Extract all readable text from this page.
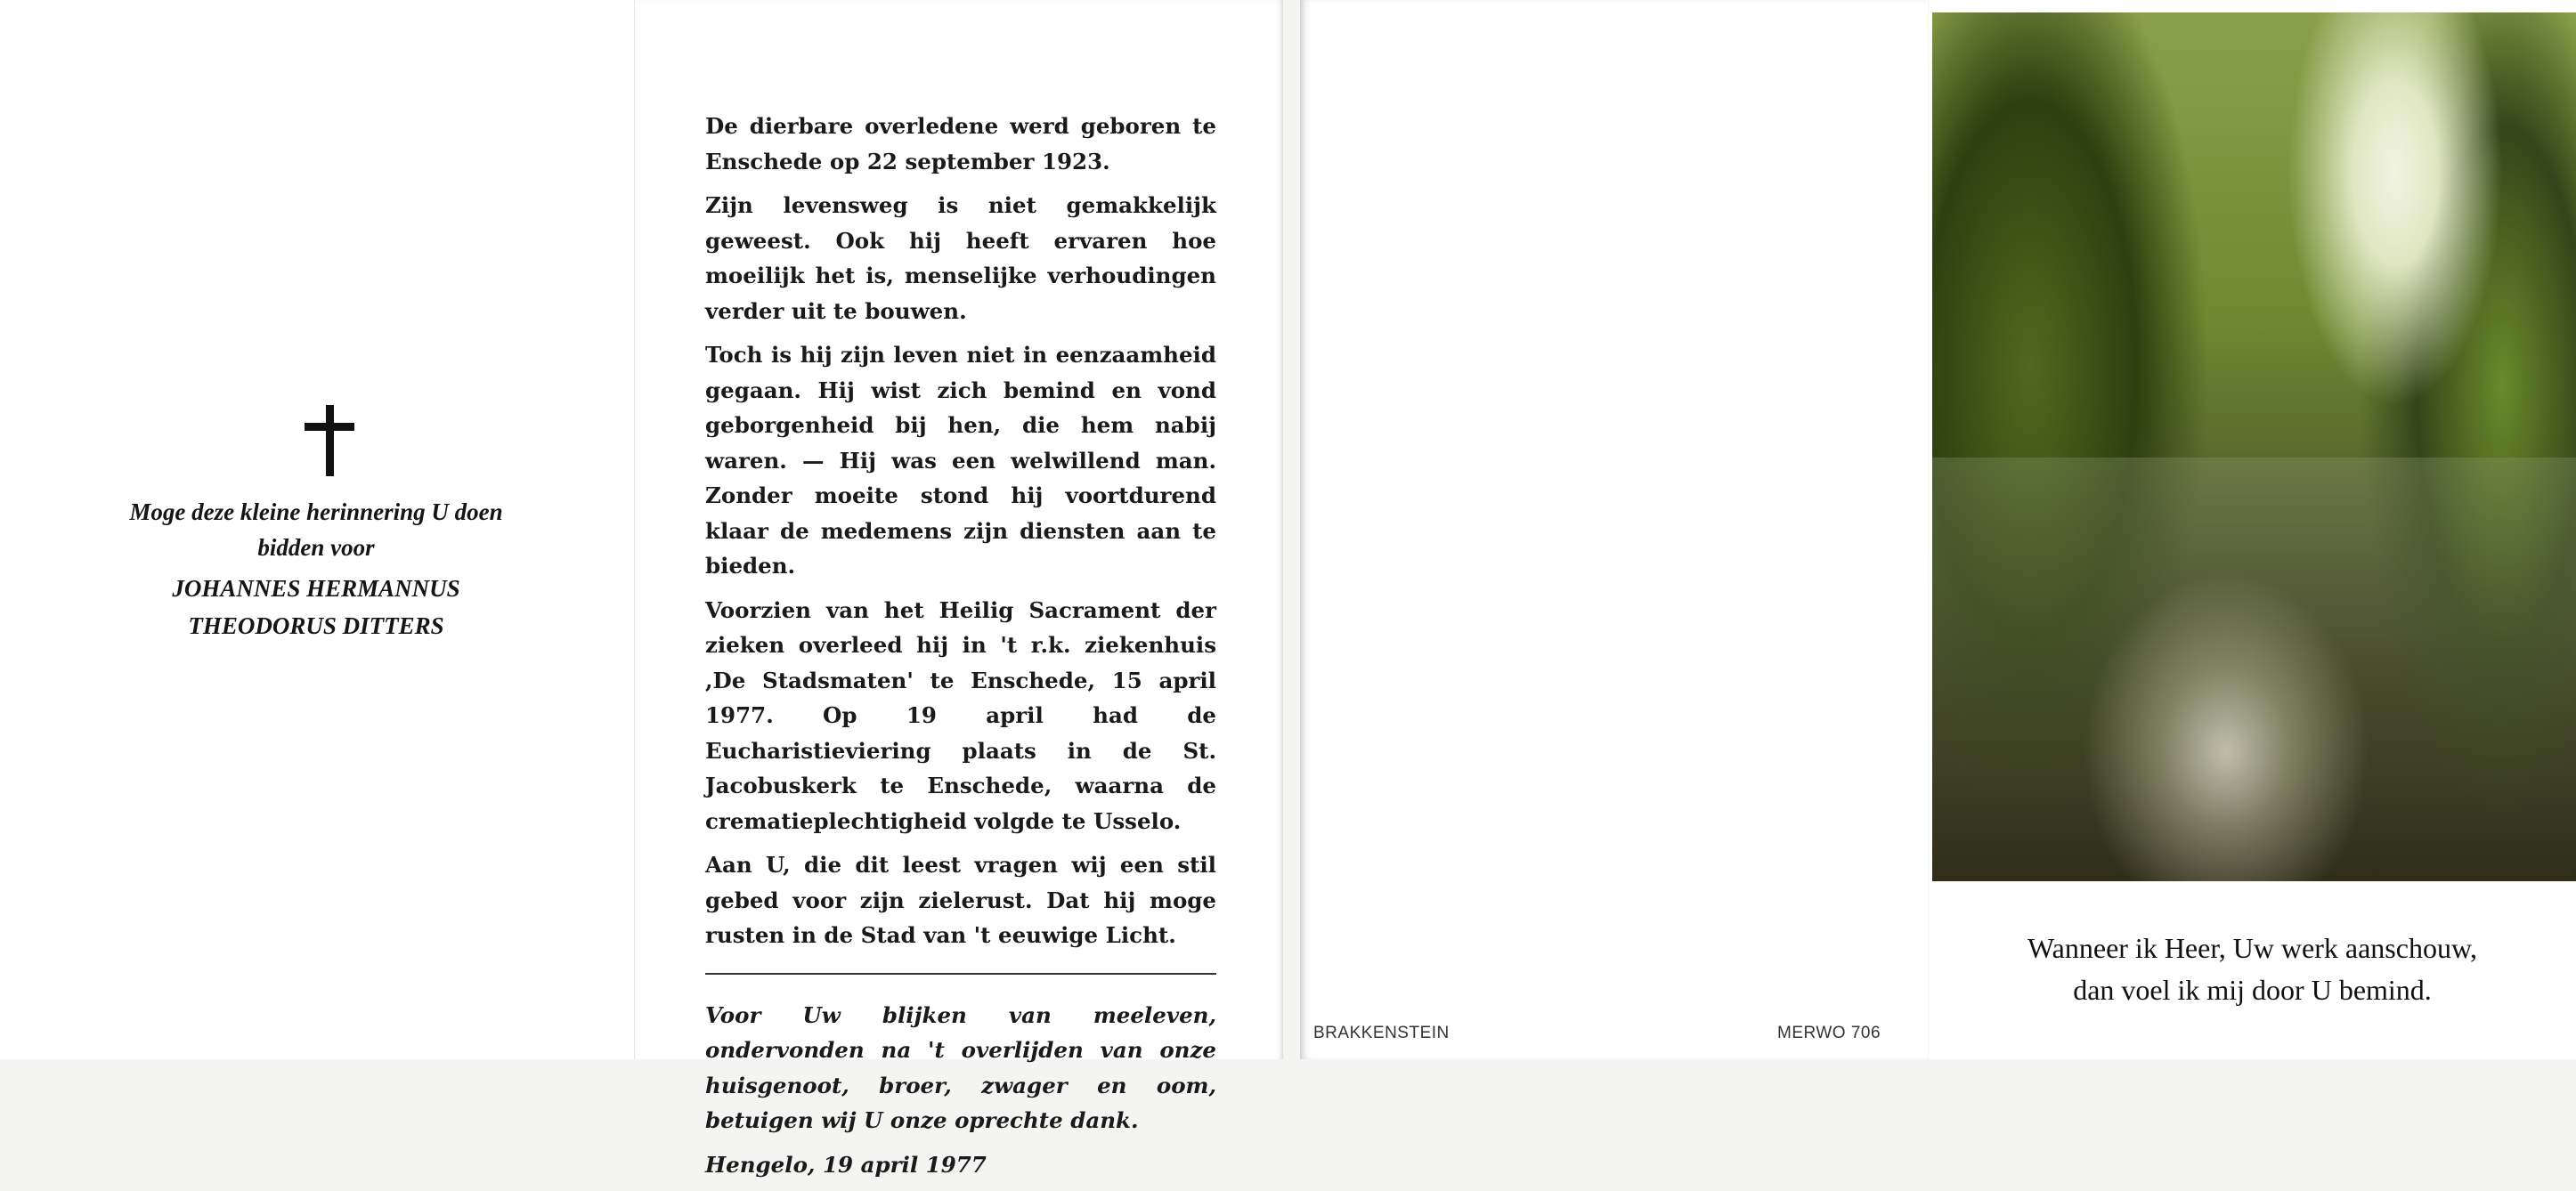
Moge deze kleine herinnering U doen
bidden voor
JOHANNES HERMANNUS
THEODORUS DITTERS

De dierbare overledene werd geboren te Enschede op 22 september 1923.

Zijn levensweg is niet gemakkelijk geweest. Ook hij heeft ervaren hoe moeilijk het is, menselijke verhoudingen verder uit te bouwen.

Toch is hij zijn leven niet in eenzaamheid gegaan. Hij wist zich bemind en vond geborgenheid bij hen, die hem nabij waren. — Hij was een welwillend man. Zonder moeite stond hij voortdurend klaar de medemens zijn diensten aan te bieden.

Voorzien van het Heilig Sacrament der zieken overleed hij in 't r.k. ziekenhuis ,De Stadsmaten' te Enschede, 15 april 1977. Op 19 april had de Eucharistieviering plaats in de St. Jacobuskerk te Enschede, waarna de crematieplechtigheid volgde te Usselo.

Aan U, die dit leest vragen wij een stil gebed voor zijn zielerust. Dat hij moge rusten in de Stad van 't eeuwige Licht.

Voor Uw blijken van meeleven, ondervonden na 't overlijden van onze huisgenoot, broer, zwager en oom, betuigen wij U onze oprechte dank.

Hengelo, 19 april 1977

BRAKKENSTEIN	MERWO 706
Wanneer ik Heer, Uw werk aanschouw,
dan voel ik mij door U bemind.
